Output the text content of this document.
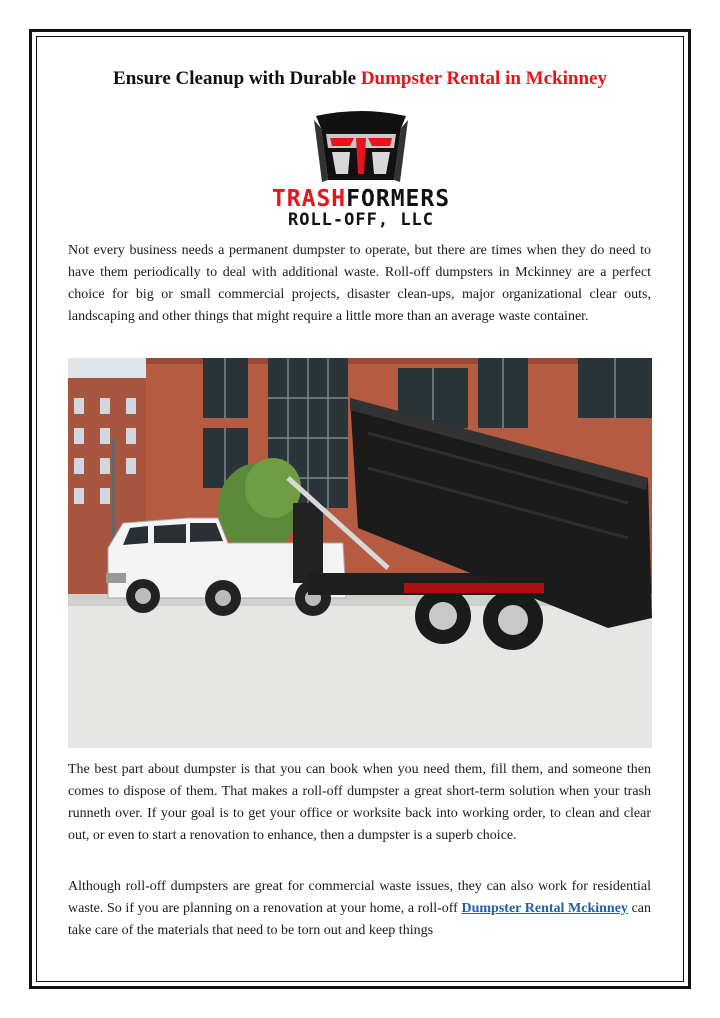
Ensure Cleanup with Durable Dumpster Rental in Mckinney
TRASHFORMERS
ROLL-OFF, LLC

Not every business needs a permanent dumpster to operate, but there are times when they do need to have them periodically to deal with additional waste. Roll-off dumpsters in Mckinney are a perfect choice for big or small commercial projects, disaster clean-ups, major organizational clear outs, landscaping and other things that might require a little more than an average waste container.

The best part about dumpster is that you can book when you need them, fill them, and someone then comes to dispose of them. That makes a roll-off dumpster a great short-term solution when your trash runneth over. If your goal is to get your office or worksite back into working order, to clean and clear out, or even to start a renovation to enhance, then a dumpster is a superb choice.

Although roll-off dumpsters are great for commercial waste issues, they can also work for residential waste. So if you are planning on a renovation at your home, a roll-off Dumpster Rental Mckinney can take care of the materials that need to be torn out and keep things
